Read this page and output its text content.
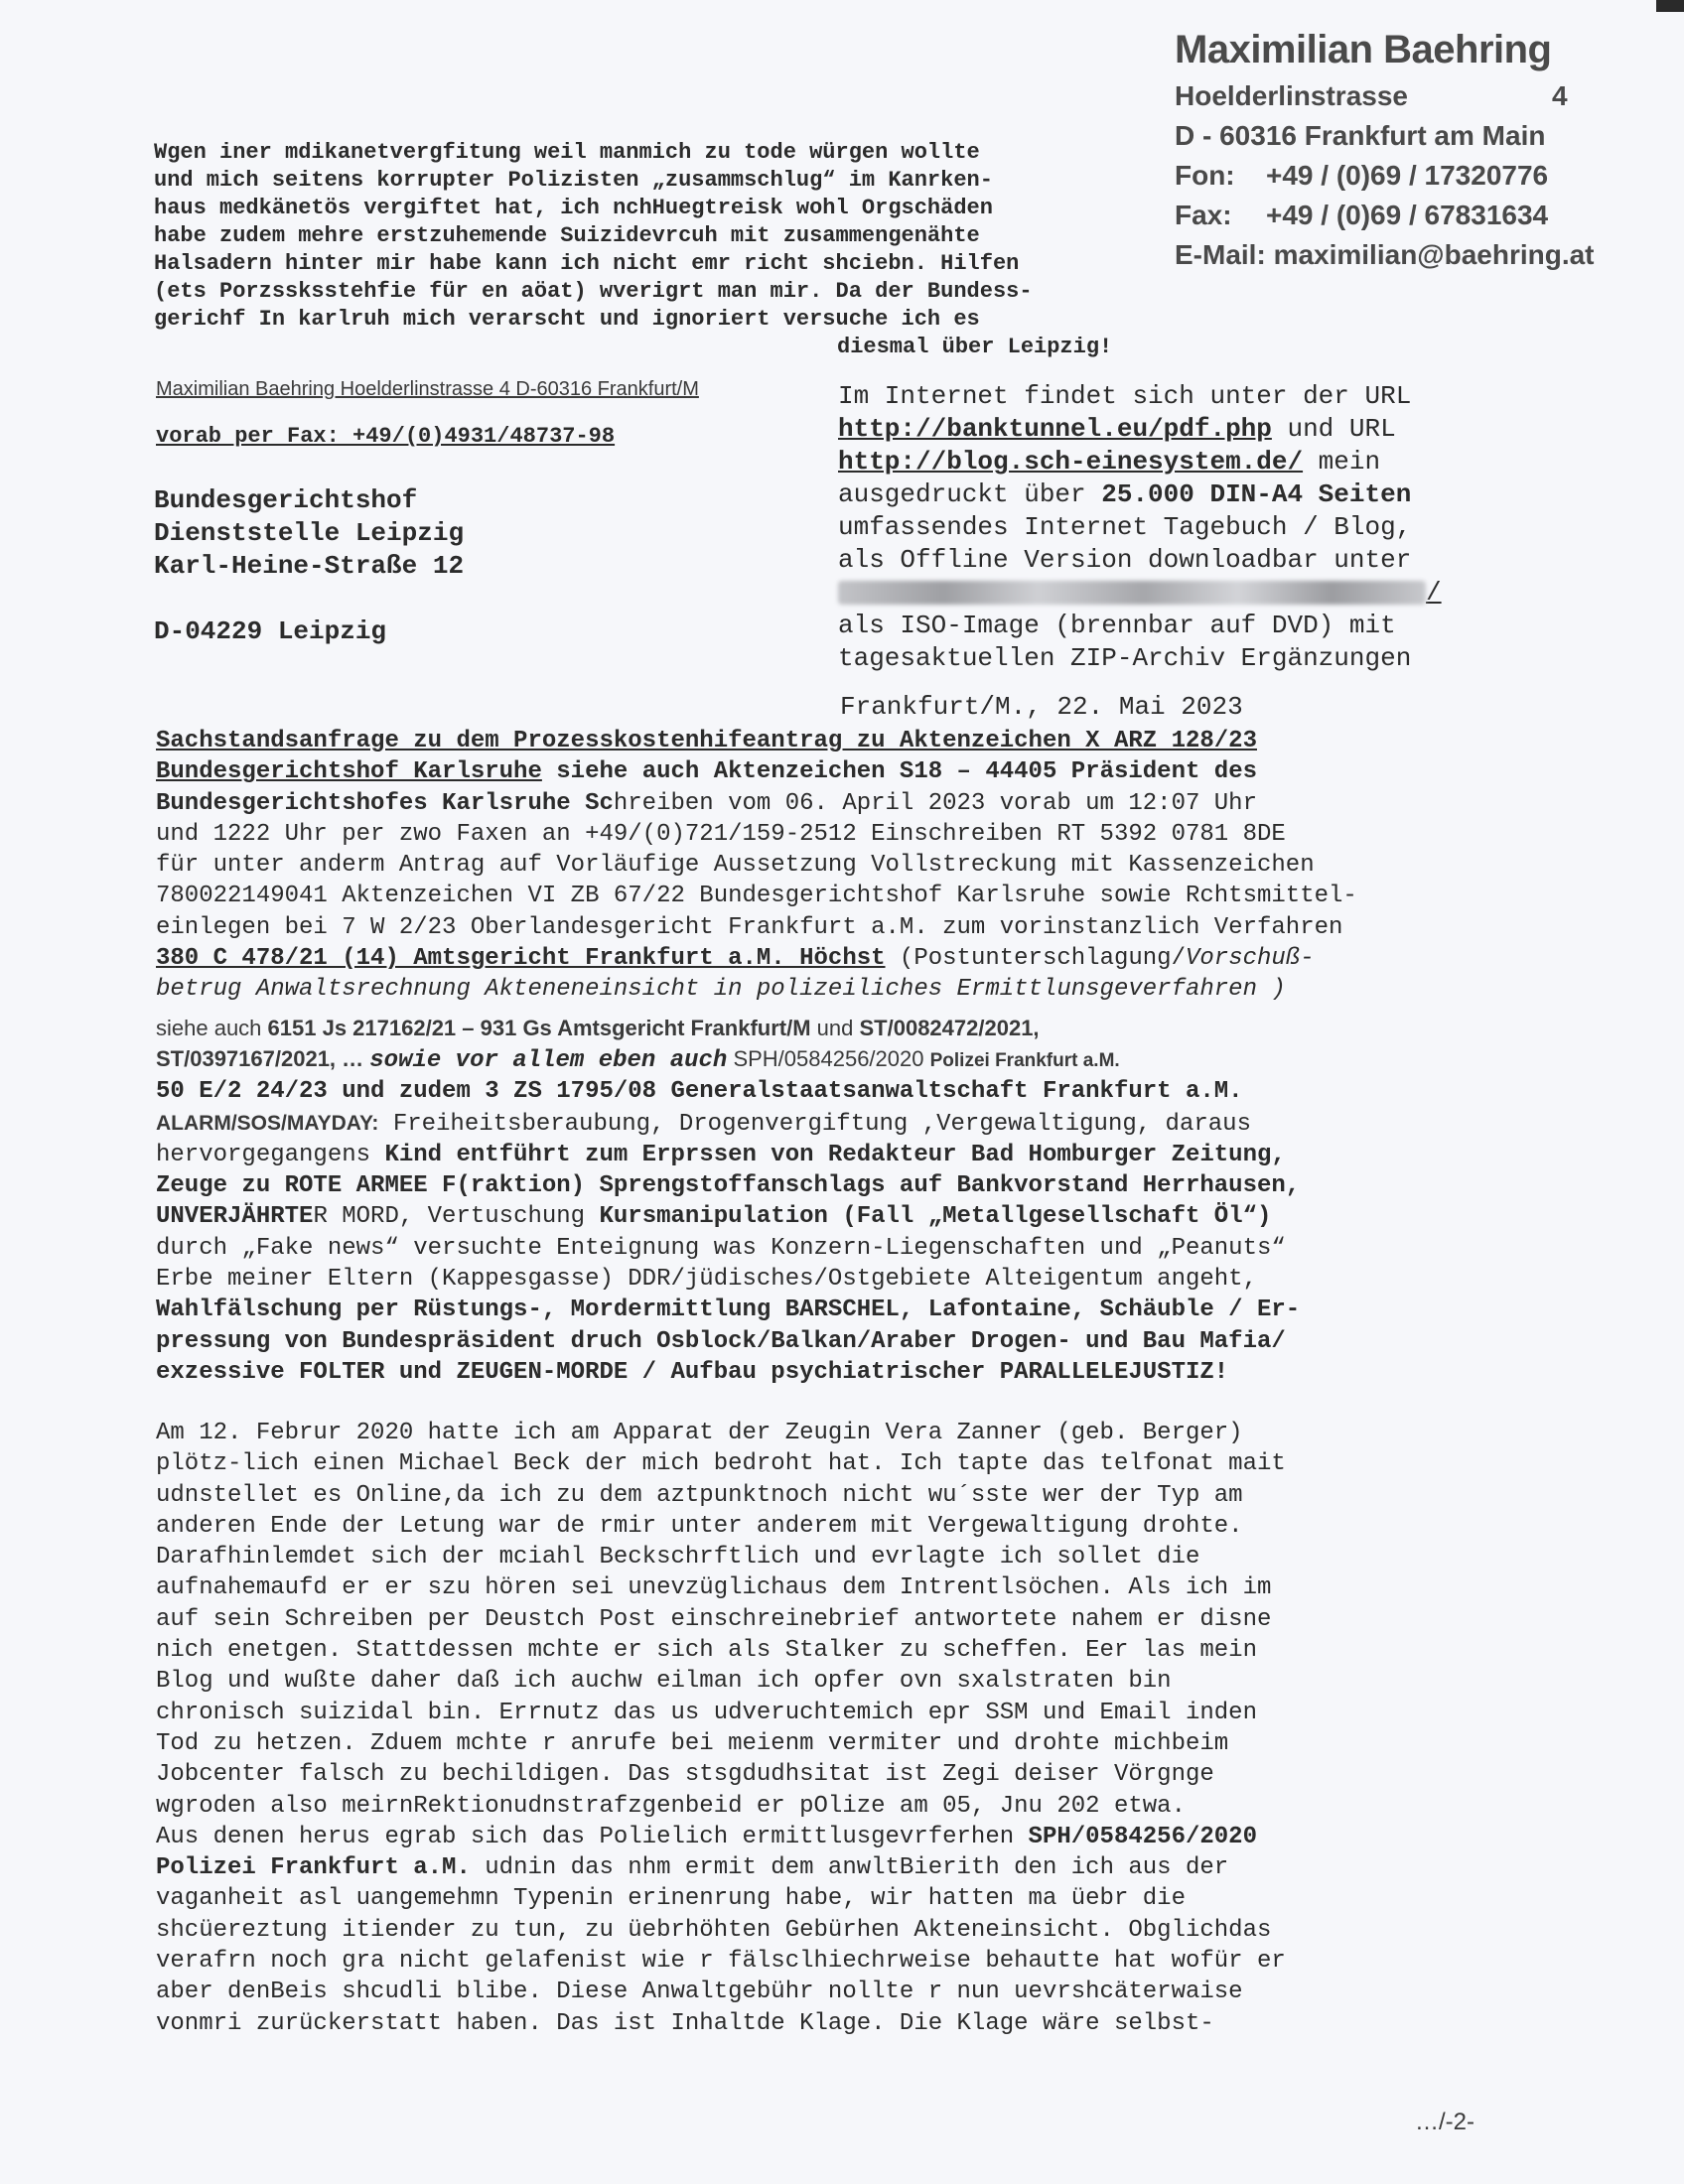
Maximilian Baehring
Hoelderlinstrasse	4
D - 60316 Frankfurt am Main
Fon: +49 / (0)69 / 17320776
Fax: +49 / (0)69 / 67831634
E-Mail: maximilian@baehring.at
Wgen iner mdikanetvergfitung weil manmich zu tode würgen wollte
und mich seitens korrupter Polizisten „zusammschlug“ im Kanrken-
haus medkänetös vergiftet hat, ich nchHuegtreisk wohl Orgschäden
habe zudem mehre erstzuhemende Suizidevrcuh mit zusammengenähte
Halsadern hinter mir habe kann ich nicht emr richt shciebn. Hilfen
(ets Porzssksstehfie für en aöat) wverigrt man mir. Da der Bundess-
gerichf In karlruh mich verarscht und ignoriert versuche ich es
diesmal über Leipzig!
Maximilian Baehring Hoelderlinstrasse 4 D-60316 Frankfurt/M
vorab per Fax: +49/(0)4931/48737-98
Bundesgerichtshof
Dienststelle Leipzig
Karl-Heine-Straße 12
D-04229 Leipzig
Im Internet findet sich unter der URL
http://banktunnel.eu/pdf.php und URL
http://blog.sch-einesystem.de/ mein
ausgedruckt über 25.000 DIN-A4 Seiten
umfassendes Internet Tagebuch / Blog,
als Offline Version downloadbar unter
/
als ISO-Image (brennbar auf DVD) mit
tagesaktuellen ZIP-Archiv Ergänzungen
Frankfurt/M., 22. Mai 2023
Sachstandsanfrage zu dem Prozesskostenhifeantrag zu Aktenzeichen X ARZ 128/23
Bundesgerichtshof Karlsruhe siehe auch Aktenzeichen S18 – 44405 Präsident des
Bundesgerichtshofes Karlsruhe Schreiben vom 06. April 2023 vorab um 12:07 Uhr
und 1222 Uhr per zwo Faxen an +49/(0)721/159-2512 Einschreiben RT 5392 0781 8DE
für unter anderm Antrag auf Vorläufige Aussetzung Vollstreckung mit Kassenzeichen
780022149041 Aktenzeichen VI ZB 67/22 Bundesgerichtshof Karlsruhe sowie Rchtsmittel-
einlegen bei 7 W 2/23 Oberlandesgericht Frankfurt a.M. zum vorinstanzlich Verfahren
380 C 478/21 (14) Amtsgericht Frankfurt a.M. Höchst (Postunterschlagung/Vorschuß-
betrug Anwaltsrechnung Akteneneinsicht in polizeiliches Ermittlunsgeverfahren )
siehe auch 6151 Js 217162/21 – 931 Gs Amtsgericht Frankfurt/M und ST/0082472/2021,
ST/0397167/2021, … sowie vor allem eben auch SPH/0584256/2020 Polizei Frankfurt a.M.
50 E/2 24/23 und zudem 3 ZS 1795/08 Generalstaatsanwaltschaft Frankfurt a.M.
ALARM/SOS/MAYDAY: Freiheitsberaubung, Drogenvergiftung ,Vergewaltigung, daraus
hervorgegangens Kind entführt zum Erprssen von Redakteur Bad Homburger Zeitung,
Zeuge zu ROTE ARMEE F(raktion) Sprengstoffanschlags auf Bankvorstand Herrhausen,
UNVERJÄHRTER MORD, Vertuschung Kursmanipulation (Fall „Metallgesellschaft Öl“)
durch „Fake news“ versuchte Enteignung was Konzern-Liegenschaften und „Peanuts“
Erbe meiner Eltern (Kappesgasse) DDR/jüdisches/Ostgebiete Alteigentum angeht,
Wahlfälschung per Rüstungs-, Mordermittlung BARSCHEL, Lafontaine, Schäuble / Er-
pressung von Bundespräsident druch Osblock/Balkan/Araber Drogen- und Bau Mafia/
exzessive FOLTER und ZEUGEN-MORDE / Aufbau psychiatrischer PARALLELEJUSTIZ!
Am 12. Februr 2020 hatte ich am Apparat der Zeugin Vera Zanner (geb. Berger)
plötz-lich einen Michael Beck der mich bedroht hat. Ich tapte das telfonat mait
udnstellet es Online,da ich zu dem aztpunktnoch nicht wu´sste wer der Typ am
anderen Ende der Letung war de rmir unter anderem mit Vergewaltigung drohte.
Darafhinlemdet sich der mciahl Beckschrftlich und evrlagte ich sollet die
aufnahemaufd er er szu hören sei unevzüglichaus dem Intrentlsöchen. Als ich im
auf sein Schreiben per Deustch Post einschreinebrief antwortete nahem er disne
nich enetgen. Stattdessen mchte er sich als Stalker zu scheffen. Eer las mein
Blog und wußte daher daß ich auchw eilman ich opfer ovn sxalstraten bin
chronisch suizidal bin. Errnutz das us udveruchtemich epr SSM und Email inden
Tod zu hetzen. Zduem mchte r anrufe bei meienm vermiter und drohte michbeim
Jobcenter falsch zu bechildigen. Das stsgdudhsitat ist Zegi deiser Vörgnge
wgroden also meirnRektionudnstrafzgenbeid er pOlize am 05, Jnu 202 etwa.
Aus denen herus egrab sich das Polielich ermittlusgevrferhen SPH/0584256/2020
Polizei Frankfurt a.M. udnin das nhm ermit dem anwltBierith den ich aus der
vaganheit asl uangemehmn Typenin erinenrung habe, wir hatten ma üebr die
shcüereztung itiender zu tun, zu üebrhöhten Gebürhen Akteneinsicht. Obglichdas
verafrn noch gra nicht gelafenist wie r fälsclhiechrweise behautte hat wofür er
aber denBeis shcudli blibe. Diese Anwaltgebühr nollte r nun uevrshcäterwaise
vonmri zurückerstatt haben. Das ist Inhaltde Klage. Die Klage wäre selbst-
…/-2-
